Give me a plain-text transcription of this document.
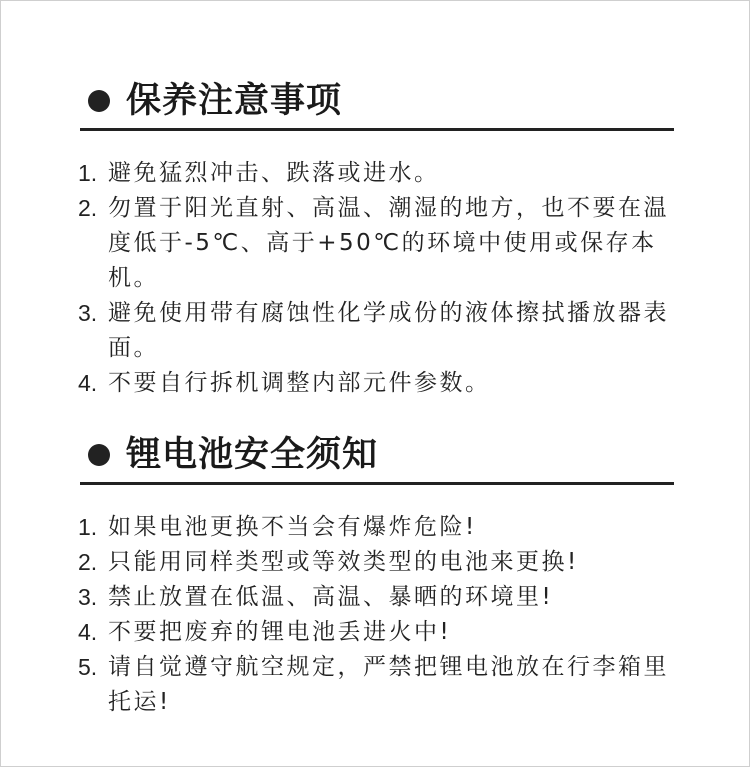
保养注意事项
1. 避免猛烈冲击、跌落或进水。
2. 勿置于阳光直射、高温、潮湿的地方，也不要在温度低于-5℃、高于+50℃的环境中使用或保存本机。
3. 避免使用带有腐蚀性化学成份的液体擦拭播放器表面。
4. 不要自行拆机调整内部元件参数。
锂电池安全须知
1. 如果电池更换不当会有爆炸危险!
2. 只能用同样类型或等效类型的电池来更换!
3. 禁止放置在低温、高温、暴晒的环境里!
4. 不要把废弃的锂电池丢进火中!
5. 请自觉遵守航空规定，严禁把锂电池放在行李箱里托运!
